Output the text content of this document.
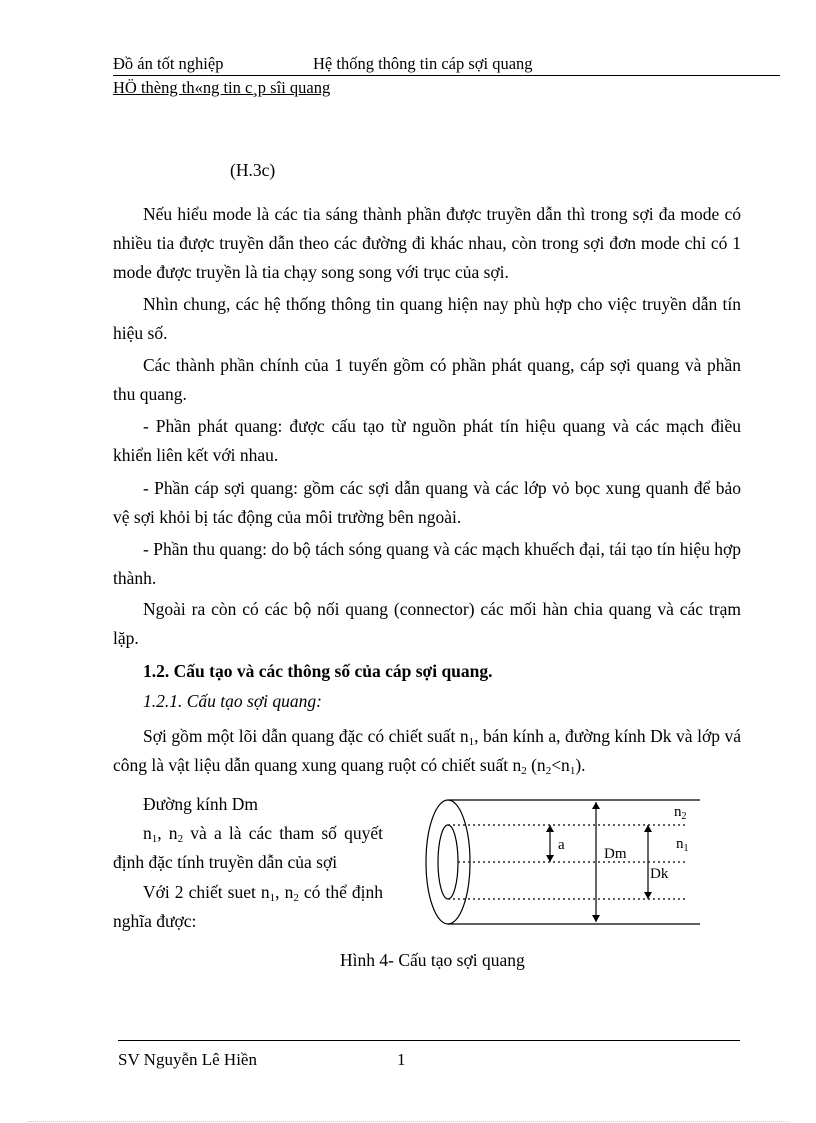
Đồ án tốt nghiệp	Hệ thống thông tin cáp sợi quang
HÖ thèng th«ng tin c¸p sîi quang
(H.3c)
Nếu hiểu mode là các tia sáng thành phần được truyền dẫn thì trong sợi đa mode có nhiều tia được truyền dẫn theo các đường đi khác nhau, còn trong sợi đơn mode chỉ có 1 mode được truyền là tia chạy song song với trục của sợi.
Nhìn chung, các hệ thống thông tin quang hiện nay phù hợp cho việc truyền dẫn tín hiệu số.
Các thành phần chính của 1 tuyến gồm có phần phát quang, cáp sợi quang và phần thu quang.
- Phần phát quang: được cấu tạo từ nguồn phát tín hiệu quang và các mạch điều khiển liên kết với nhau.
- Phần cáp sợi quang: gồm các sợi dẫn quang và các lớp vỏ bọc xung quanh để bảo vệ sợi khỏi bị tác động của môi trường bên ngoài.
- Phần thu quang: do bộ tách sóng quang và các mạch khuếch đại, tái tạo tín hiệu hợp thành.
Ngoài ra còn có các bộ nối quang (connector) các mối hàn chia quang và các trạm lặp.
1.2. Cấu tạo và các thông số của cáp sợi quang.
1.2.1. Cấu tạo sợi quang:
Sợi gồm một lõi dẫn quang đặc có chiết suất $n_1$, bán kính a, đường kính Dk và lớp vá công là vật liệu dẫn quang xung quang ruột có chiết suất $n_2$ $(n_2<n_1)$.
Đường kính Dm
$n_1$, $n_2$ và a là các tham số quyết định đặc tính truyền dẫn của sợi
Với 2 chiết suet $n_1$, $n_2$ có thể định nghĩa được:
$n_2$
$n_1$
a
Dm
Dk
Hình 4- Cấu tạo sợi quang
SV Nguyễn Lê Hiền	1
